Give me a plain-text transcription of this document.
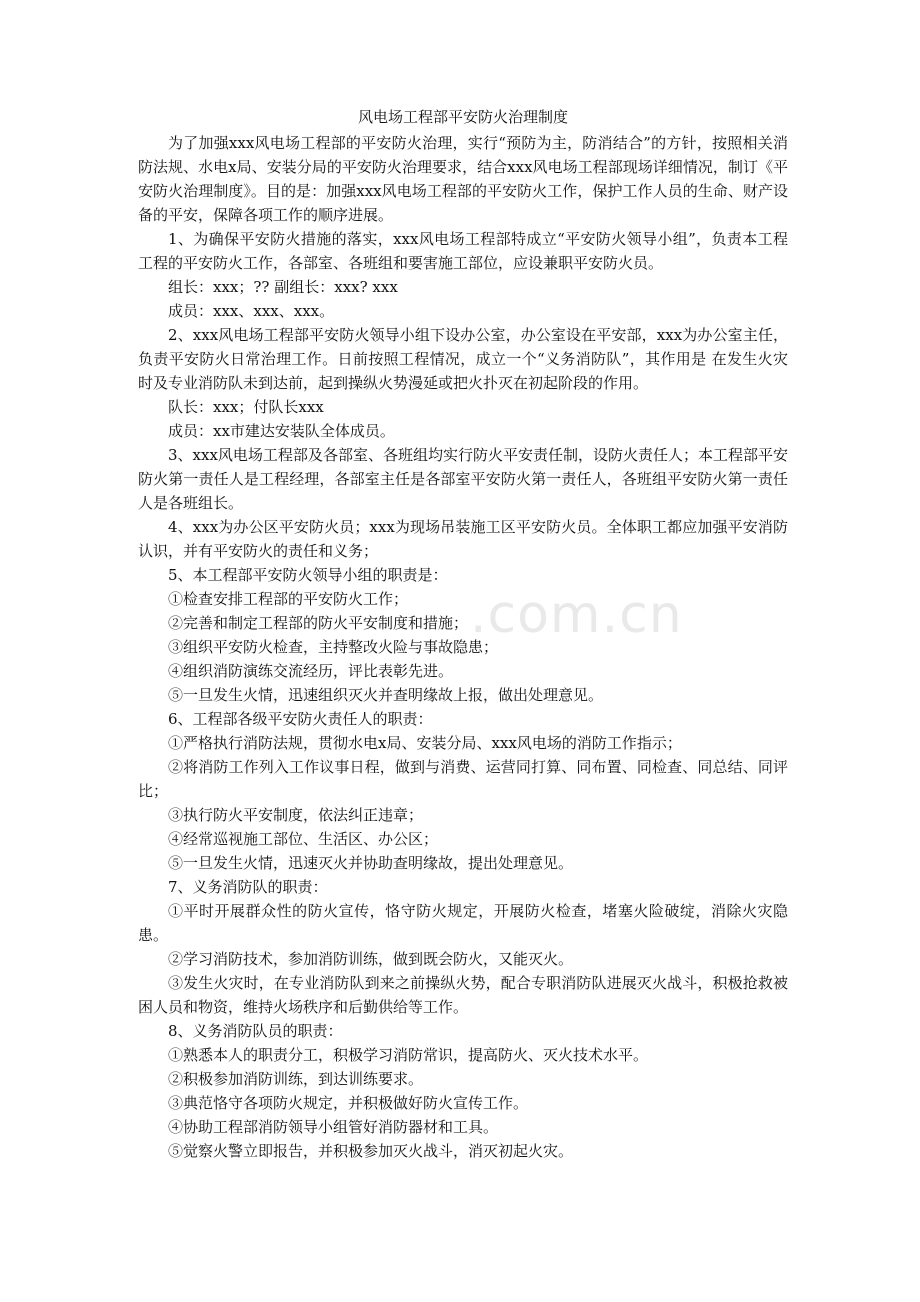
.com.cn
风电场工程部平安防火治理制度

为了加强xxx风电场工程部的平安防火治理，实行“预防为主，防消结合”的方针，按照相关消防法规、水电x局、安装分局的平安防火治理要求，结合xxx风电场工程部现场详细情况，制订《平安防火治理制度》。目的是：加强xxx风电场工程部的平安防火工作，保护工作人员的生命、财产设备的平安，保障各项工作的顺序进展。

1、为确保平安防火措施的落实，xxx风电场工程部特成立“平安防火领导小组”，负责本工程工程的平安防火工作，各部室、各班组和要害施工部位，应设兼职平安防火员。

组长：xxx；?? 副组长：xxx? xxx

成员：xxx、xxx、xxx。

2、xxx风电场工程部平安防火领导小组下设办公室，办公室设在平安部，xxx为办公室主任，负责平安防火日常治理工作。日前按照工程情况，成立一个“义务消防队”，其作用是 在发生火灾时及专业消防队未到达前，起到操纵火势漫延或把火扑灭在初起阶段的作用。

队长：xxx；付队长xxx

成员：xx市建达安装队全体成员。

3、xxx风电场工程部及各部室、各班组均实行防火平安责任制，设防火责任人；本工程部平安防火第一责任人是工程经理，各部室主任是各部室平安防火第一责任人，各班组平安防火第一责任人是各班组长。

4、xxx为办公区平安防火员；xxx为现场吊装施工区平安防火员。全体职工都应加强平安消防认识，并有平安防火的责任和义务；

5、本工程部平安防火领导小组的职责是：

①检查安排工程部的平安防火工作；

②完善和制定工程部的防火平安制度和措施；

③组织平安防火检查，主持整改火险与事故隐患；

④组织消防演练交流经历，评比表彰先进。

⑤一旦发生火情，迅速组织灭火并查明缘故上报，做出处理意见。

6、工程部各级平安防火责任人的职责：

①严格执行消防法规，贯彻水电x局、安装分局、xxx风电场的消防工作指示；

②将消防工作列入工作议事日程，做到与消费、运营同打算、同布置、同检查、同总结、同评比；

③执行防火平安制度，依法纠正违章；

④经常巡视施工部位、生活区、办公区；

⑤一旦发生火情，迅速灭火并协助查明缘故，提出处理意见。

7、义务消防队的职责：

①平时开展群众性的防火宣传，恪守防火规定，开展防火检查，堵塞火险破绽，消除火灾隐患。

②学习消防技术，参加消防训练，做到既会防火，又能灭火。

③发生火灾时，在专业消防队到来之前操纵火势，配合专职消防队进展灭火战斗，积极抢救被困人员和物资，维持火场秩序和后勤供给等工作。

8、义务消防队员的职责：

①熟悉本人的职责分工，积极学习消防常识，提高防火、灭火技术水平。

②积极参加消防训练，到达训练要求。

③典范恪守各项防火规定，并积极做好防火宣传工作。

④协助工程部消防领导小组管好消防器材和工具。

⑤觉察火警立即报告，并积极参加灭火战斗，消灭初起火灾。
